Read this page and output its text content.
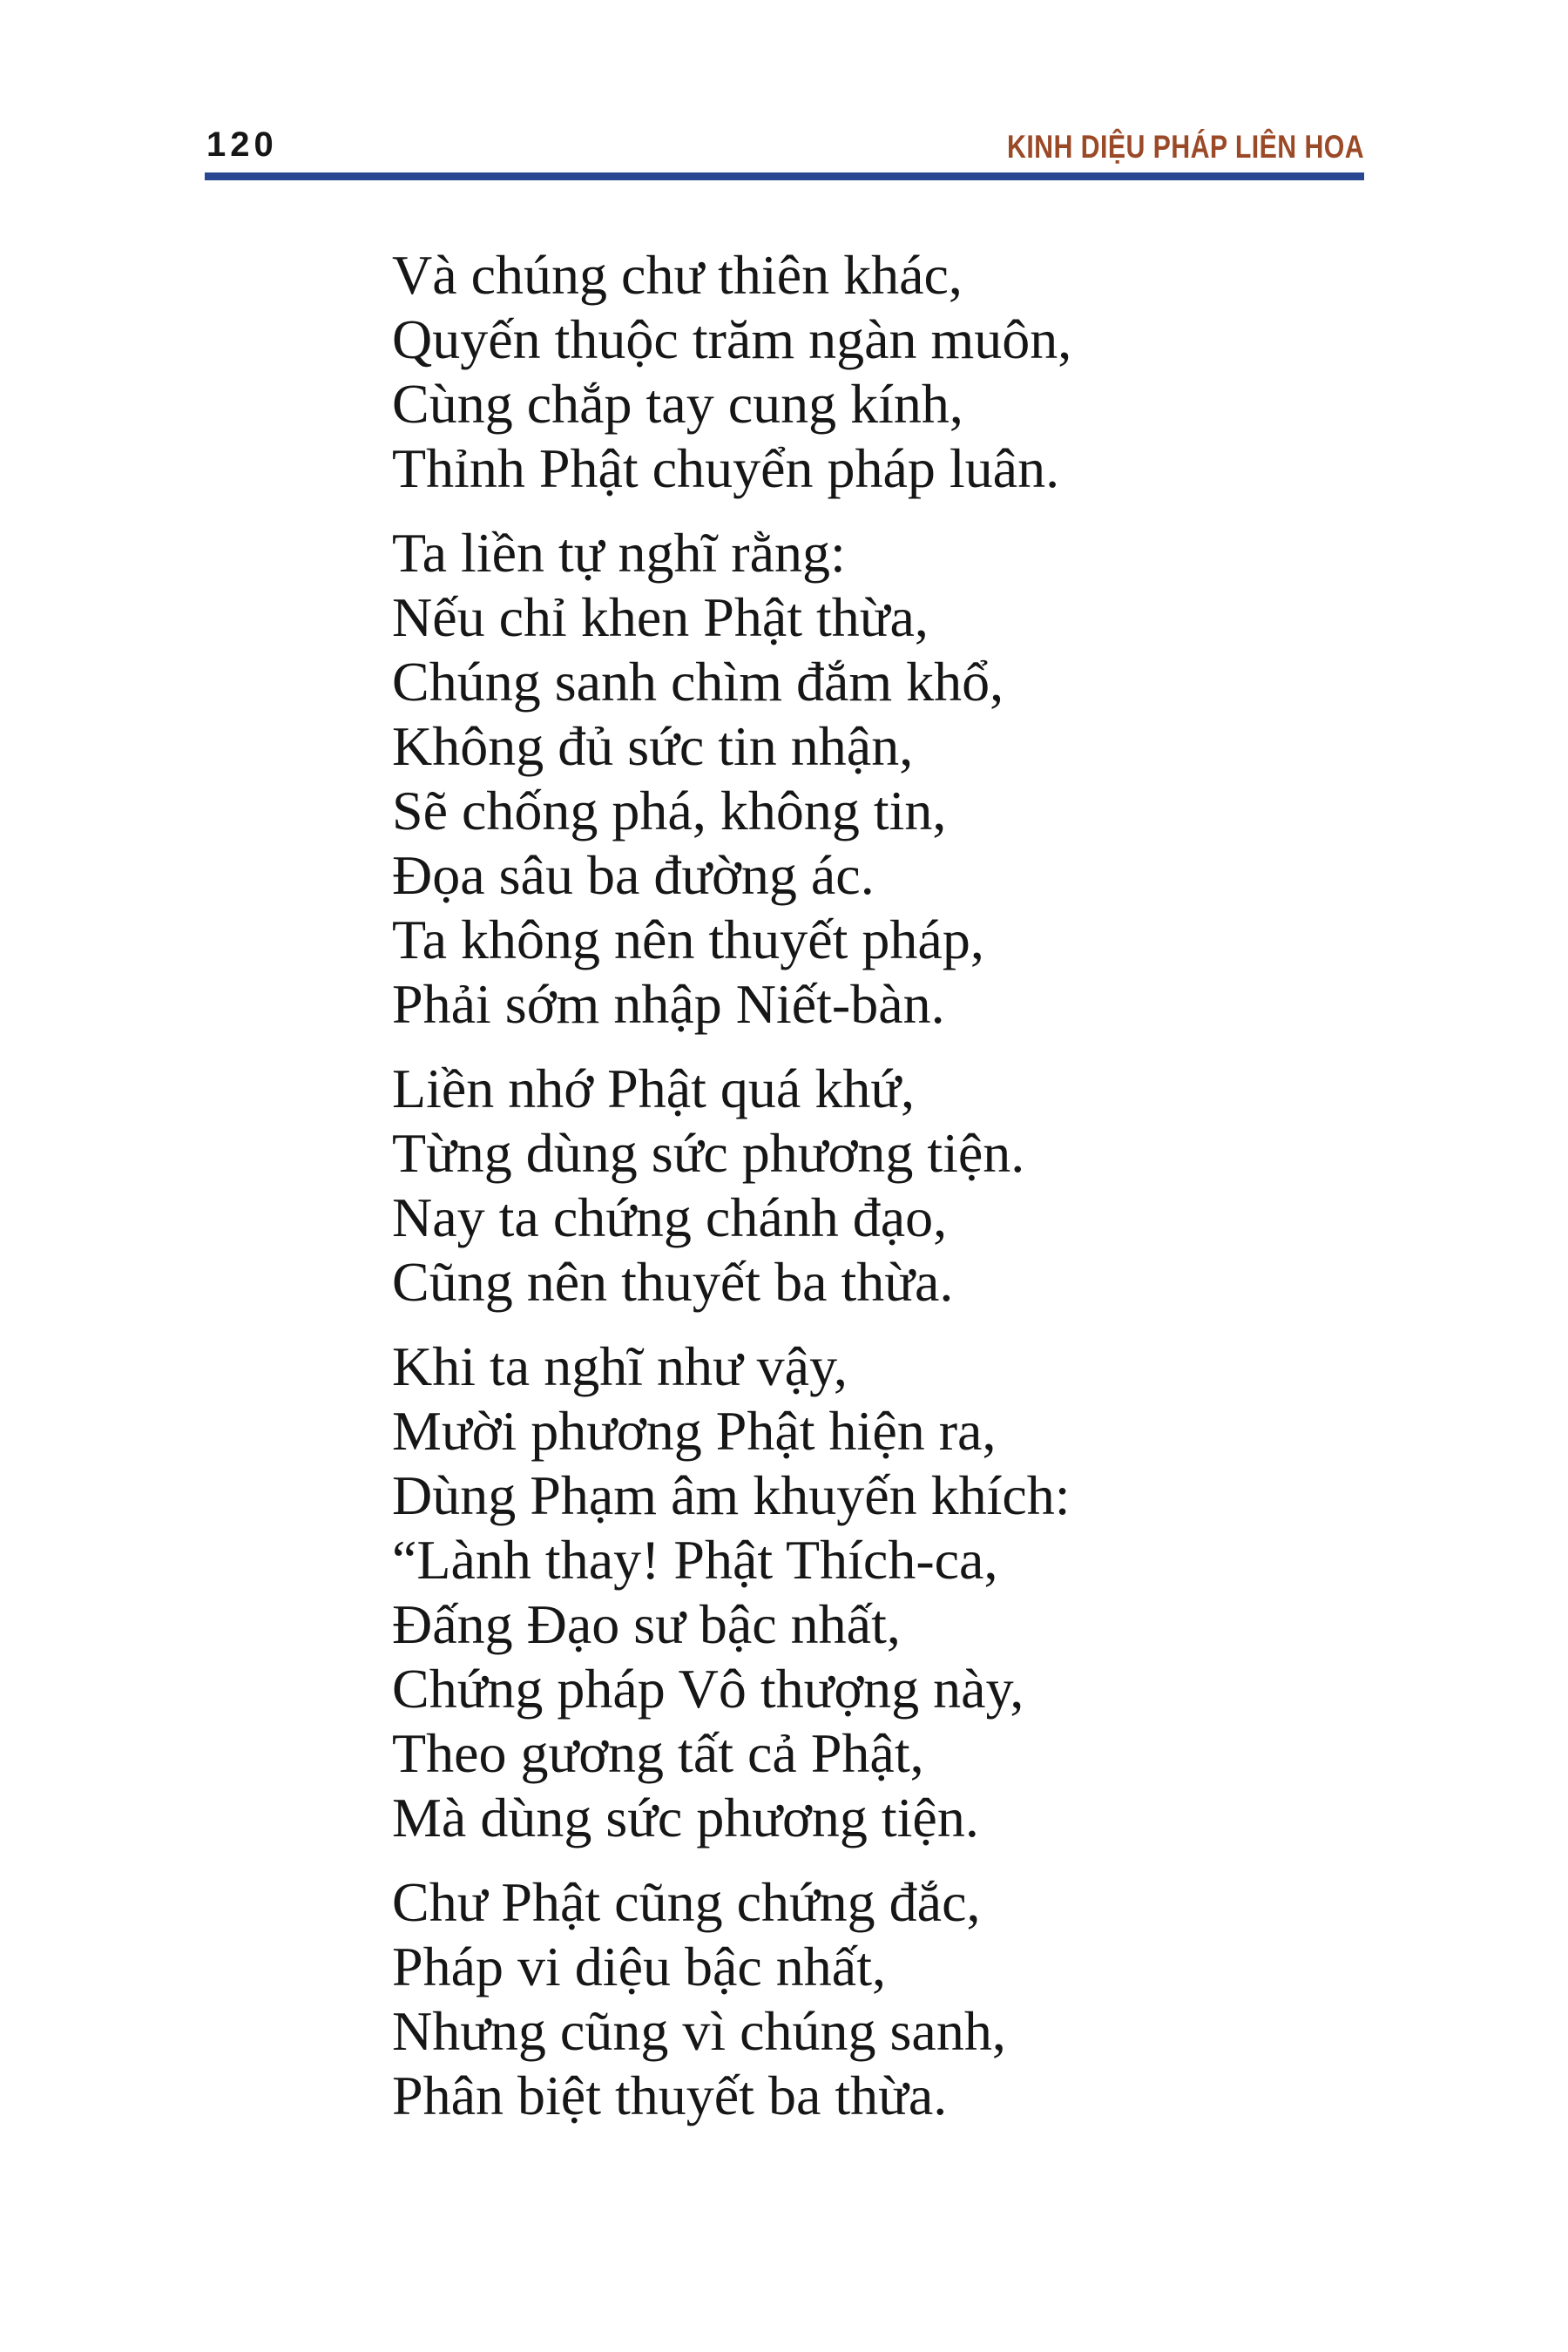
120	KINH DIỆU PHÁP LIÊN HOA
Và chúng chư thiên khác,
Quyến thuộc trăm ngàn muôn,
Cùng chắp tay cung kính,
Thỉnh Phật chuyển pháp luân.
Ta liền tự nghĩ rằng:
Nếu chỉ khen Phật thừa,
Chúng sanh chìm đắm khổ,
Không đủ sức tin nhận,
Sẽ chống phá, không tin,
Đọa sâu ba đường ác.
Ta không nên thuyết pháp,
Phải sớm nhập Niết-bàn.
Liền nhớ Phật quá khứ,
Từng dùng sức phương tiện.
Nay ta chứng chánh đạo,
Cũng nên thuyết ba thừa.
Khi ta nghĩ như vậy,
Mười phương Phật hiện ra,
Dùng Phạm âm khuyến khích:
“Lành thay! Phật Thích-ca,
Đấng Đạo sư bậc nhất,
Chứng pháp Vô thượng này,
Theo gương tất cả Phật,
Mà dùng sức phương tiện.
Chư Phật cũng chứng đắc,
Pháp vi diệu bậc nhất,
Nhưng cũng vì chúng sanh,
Phân biệt thuyết ba thừa.
